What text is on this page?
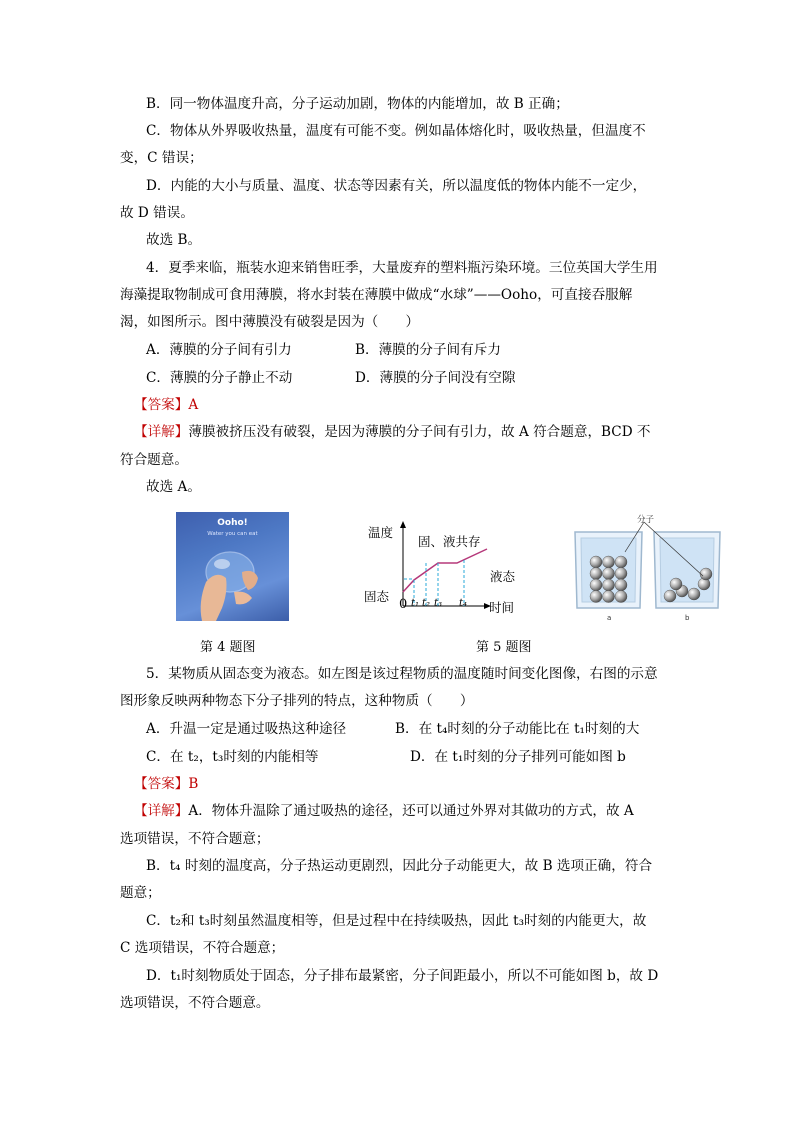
B．同一物体温度升高，分子运动加剧，物体的内能增加，故 B 正确；
C．物体从外界吸收热量，温度有可能不变。例如晶体熔化时，吸收热量，但温度不
变，C 错误；
D．内能的大小与质量、温度、状态等因素有关，所以温度低的物体内能不一定少，
故 D 错误。
故选 B。
4．夏季来临，瓶装水迎来销售旺季，大量废弃的塑料瓶污染环境。三位英国大学生用
海藻提取物制成可食用薄膜，将水封装在薄膜中做成“水球”——Ooho，可直接吞服解
渴，如图所示。图中薄膜没有破裂是因为（　　）
A．薄膜的分子间有引力	B．薄膜的分子间有斥力
C．薄膜的分子静止不动	D．薄膜的分子间没有空隙
【答案】A
【详解】薄膜被挤压没有破裂，是因为薄膜的分子间有引力，故 A 符合题意，BCD 不
符合题意。
故选 A。
Ooho!
Water you can eat
第 4 题图
温度
固、液共存
液态
固态
0 t₁ t₂ t₃ t₄ 时间
第 5 题图
分子
a	b
5．某物质从固态变为液态。如左图是该过程物质的温度随时间变化图像，右图的示意
图形象反映两种物态下分子排列的特点，这种物质（　　）
A．升温一定是通过吸热这种途径	B．在 t₄时刻的分子动能比在 t₁时刻的大
C．在 t₂，t₃时刻的内能相等	D．在 t₁时刻的分子排列可能如图 b
【答案】B
【详解】A．物体升温除了通过吸热的途径，还可以通过外界对其做功的方式，故 A
选项错误，不符合题意；
B．t₄ 时刻的温度高，分子热运动更剧烈，因此分子动能更大，故 B 选项正确，符合
题意；
C．t₂和 t₃时刻虽然温度相等，但是过程中在持续吸热，因此 t₃时刻的内能更大，故
C 选项错误，不符合题意；
D．t₁时刻物质处于固态，分子排布最紧密，分子间距最小，所以不可能如图 b，故 D
选项错误，不符合题意。
